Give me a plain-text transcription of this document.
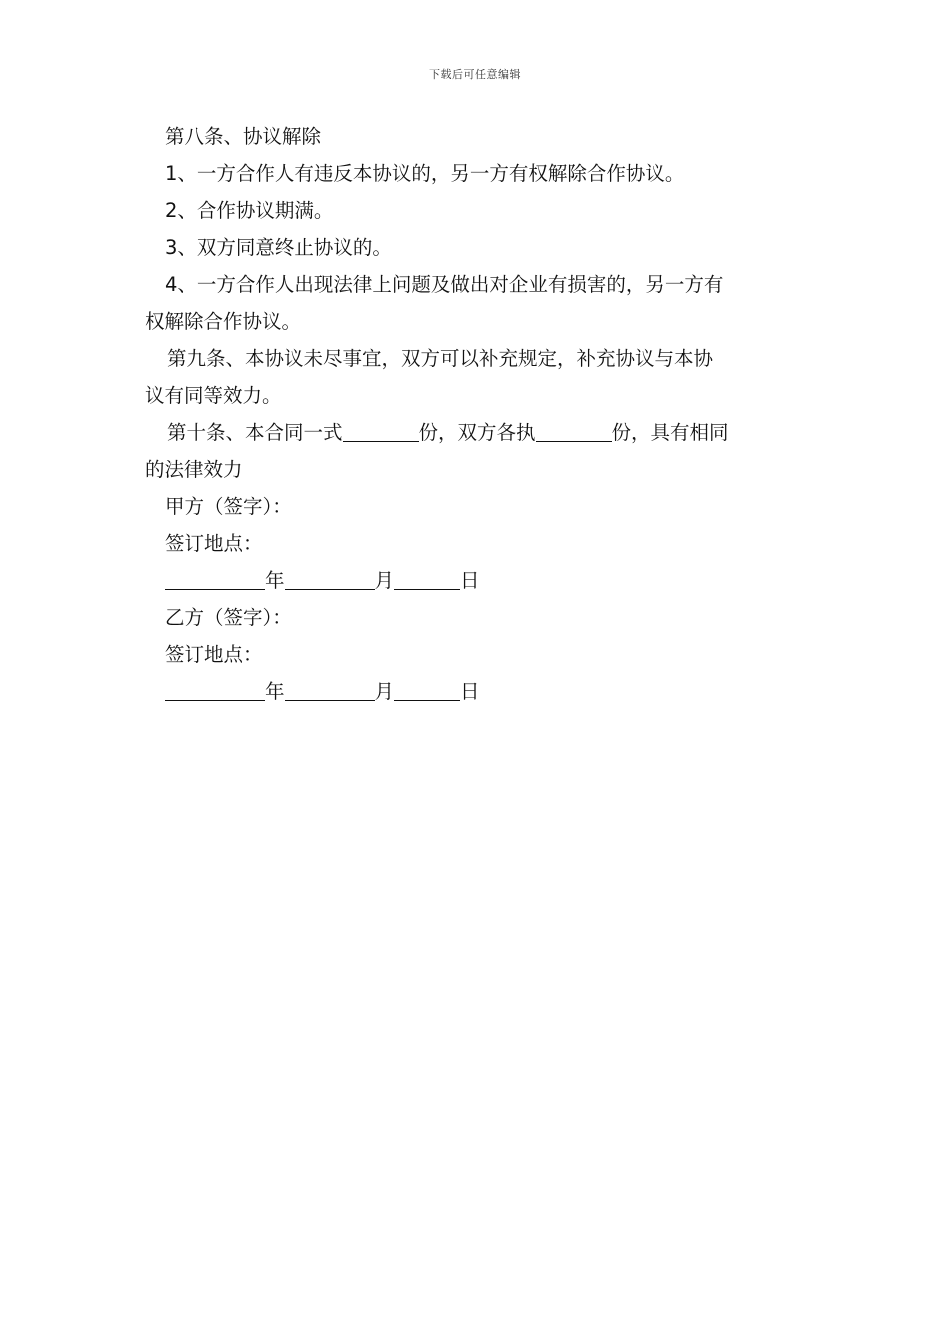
下载后可任意编辑
第八条、协议解除
1、一方合作人有违反本协议的，另一方有权解除合作协议。
2、合作协议期满。
3、双方同意终止协议的。
4、一方合作人出现法律上问题及做出对企业有损害的，另一方有
权解除合作协议。
第九条、本协议未尽事宜，双方可以补充规定，补充协议与本协
议有同等效力。
第十条、本合同一式	份，双方各执	份，具有相同
的法律效力
甲方（签字）：
签订地点：
年	月	日
乙方（签字）：
签订地点：
年	月	日
